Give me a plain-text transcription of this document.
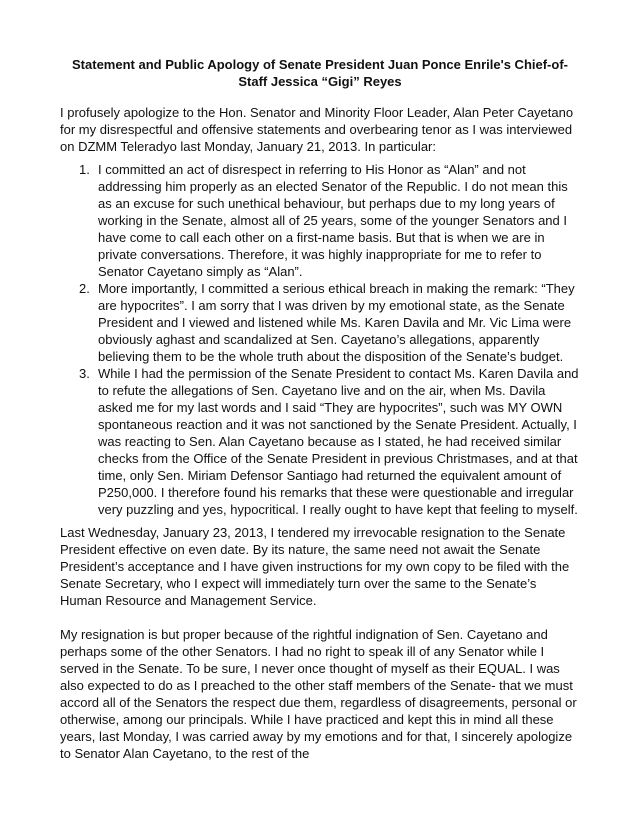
Statement and Public Apology of Senate President Juan Ponce Enrile's Chief-of-Staff Jessica “Gigi” Reyes

I profusely apologize to the Hon. Senator and Minority Floor Leader, Alan Peter Cayetano for my disrespectful and offensive statements and overbearing tenor as I was interviewed on DZMM Teleradyo last Monday, January 21, 2013. In particular:

1. I committed an act of disrespect in referring to His Honor as “Alan” and not addressing him properly as an elected Senator of the Republic. I do not mean this as an excuse for such unethical behaviour, but perhaps due to my long years of working in the Senate, almost all of 25 years, some of the younger Senators and I have come to call each other on a first-name basis. But that is when we are in private conversations. Therefore, it was highly inappropriate for me to refer to Senator Cayetano simply as “Alan”.
2. More importantly, I committed a serious ethical breach in making the remark: “They are hypocrites”. I am sorry that I was driven by my emotional state, as the Senate President and I viewed and listened while Ms. Karen Davila and Mr. Vic Lima were obviously aghast and scandalized at Sen. Cayetano’s allegations, apparently believing them to be the whole truth about the disposition of the Senate’s budget.
3. While I had the permission of the Senate President to contact Ms. Karen Davila and to refute the allegations of Sen. Cayetano live and on the air, when Ms. Davila asked me for my last words and I said “They are hypocrites”, such was MY OWN spontaneous reaction and it was not sanctioned by the Senate President. Actually, I was reacting to Sen. Alan Cayetano because as I stated, he had received similar checks from the Office of the Senate President in previous Christmases, and at that time, only Sen. Miriam Defensor Santiago had returned the equivalent amount of P250,000. I therefore found his remarks that these were questionable and irregular very puzzling and yes, hypocritical. I really ought to have kept that feeling to myself.

Last Wednesday, January 23, 2013, I tendered my irrevocable resignation to the Senate President effective on even date. By its nature, the same need not await the Senate President’s acceptance and I have given instructions for my own copy to be filed with the Senate Secretary, who I expect will immediately turn over the same to the Senate’s Human Resource and Management Service.

My resignation is but proper because of the rightful indignation of Sen. Cayetano and perhaps some of the other Senators. I had no right to speak ill of any Senator while I served in the Senate. To be sure, I never once thought of myself as their EQUAL. I was also expected to do as I preached to the other staff members of the Senate- that we must accord all of the Senators the respect due them, regardless of disagreements, personal or otherwise, among our principals. While I have practiced and kept this in mind all these years, last Monday, I was carried away by my emotions and for that, I sincerely apologize to Senator Alan Cayetano, to the rest of the
